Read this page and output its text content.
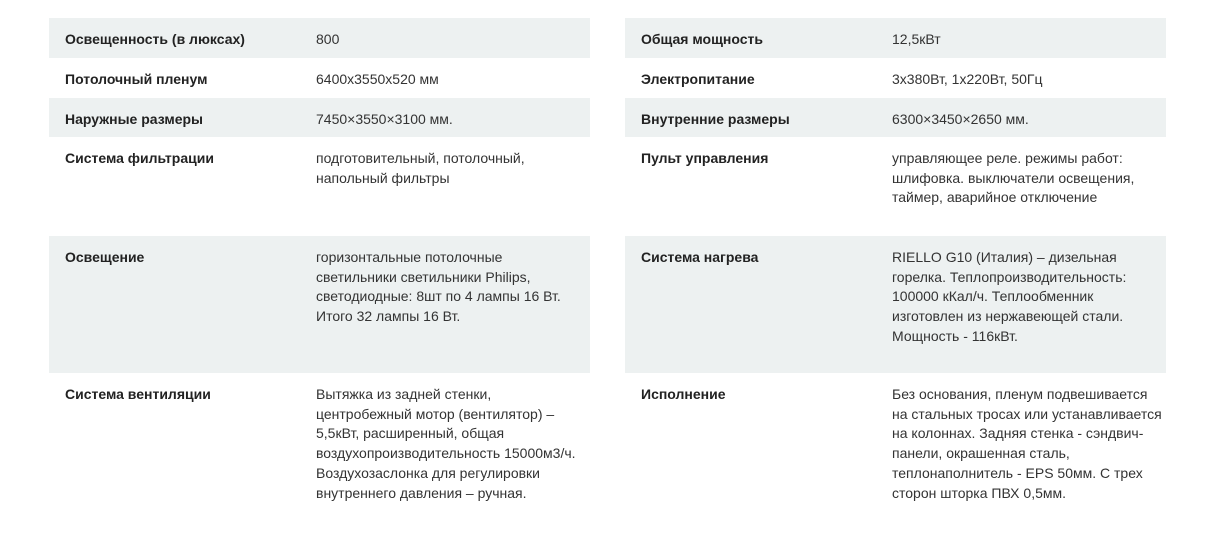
Освещенность (в люксах)	800
Потолочный пленум	6400x3550x520 мм
Наружные размеры	7450×3550×3100 мм.
Система фильтрации	подготовительный, потолочный, напольный фильтры
Освещение	горизонтальные потолочные светильники светильники Philips, светодиодные: 8шт по 4 лампы 16 Вт. Итого 32 лампы 16 Вт.
Система вентиляции	Вытяжка из задней стенки, центробежный мотор (вентилятор) – 5,5кВт, расширенный, общая воздухопроизводительность 15000м3/ч. Воздухозаслонка для регулировки внутреннего давления – ручная.
Общая мощность	12,5кВт
Электропитание	3х380Вт, 1х220Вт, 50Гц
Внутренние размеры	6300×3450×2650 мм.
Пульт управления	управляющее реле. режимы работ: шлифовка. выключатели освещения, таймер, аварийное отключение
Система нагрева	RIELLO G10 (Италия) – дизельная горелка. Теплопроизводительность: 100000 кКал/ч. Теплообменник изготовлен из нержавеющей стали. Мощность - 116кВт.
Исполнение	Без основания, пленум подвешивается на стальных тросах или устанавливается на колоннах. Задняя стенка - сэндвич-панели, окрашенная сталь, теплонаполнитель - EPS 50мм. С трех сторон шторка ПВХ 0,5мм.
